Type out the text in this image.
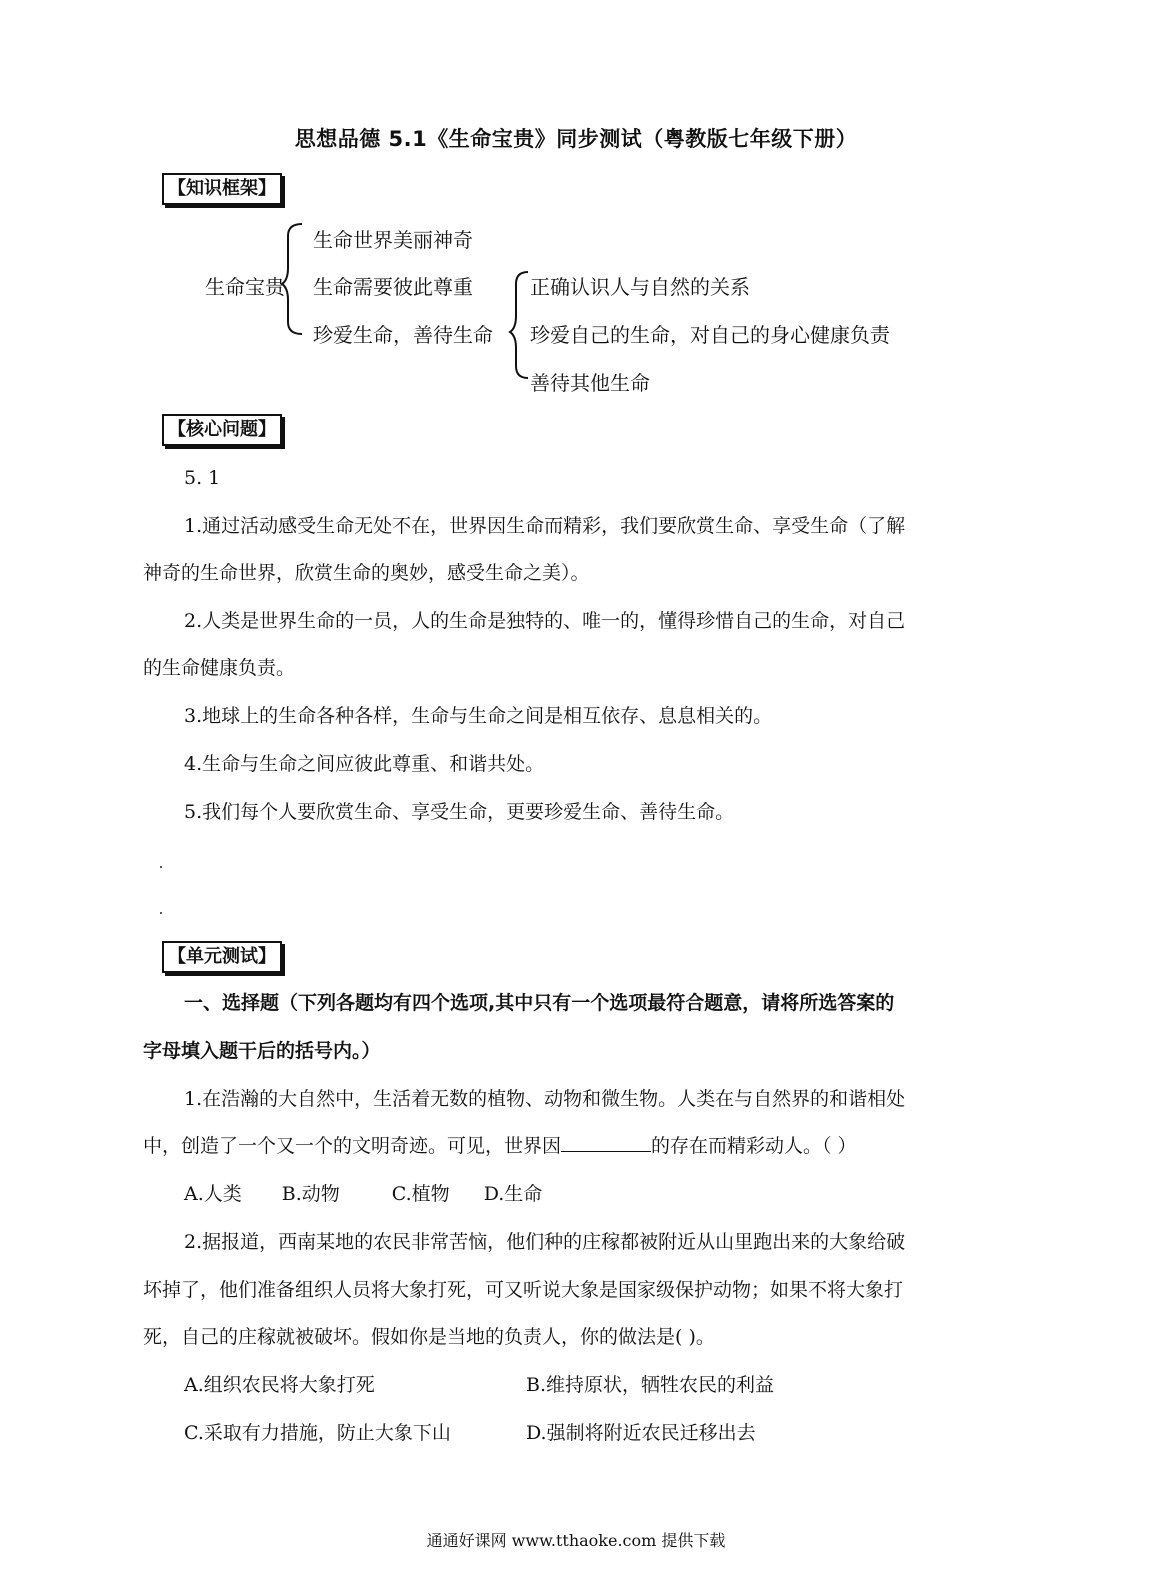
思想品德 5.1《生命宝贵》同步测试（粤教版七年级下册）
【知识框架】
生命宝贵
生命世界美丽神奇
生命需要彼此尊重
珍爱生命，善待生命
正确认识人与自然的关系
珍爱自己的生命，对自己的身心健康负责
善待其他生命
【核心问题】
5. 1
1.通过活动感受生命无处不在，世界因生命而精彩，我们要欣赏生命、享受生命（了解
神奇的生命世界，欣赏生命的奥妙，感受生命之美）。
2.人类是世界生命的一员，人的生命是独特的、唯一的，懂得珍惜自己的生命，对自己
的生命健康负责。
3.地球上的生命各种各样，生命与生命之间是相互依存、息息相关的。
4.生命与生命之间应彼此尊重、和谐共处。
5.我们每个人要欣赏生命、享受生命，更要珍爱生命、善待生命。
【单元测试】
一、选择题（下列各题均有四个选项,其中只有一个选项最符合题意，请将所选答案的
字母填入题干后的括号内。）
1.在浩瀚的大自然中，生活着无数的植物、动物和微生物。人类在与自然界的和谐相处
中，创造了一个又一个的文明奇迹。可见，世界因	的存在而精彩动人。（ ）
A.人类 B.动物	C.植物 D.生命
2.据报道，西南某地的农民非常苦恼，他们种的庄稼都被附近从山里跑出来的大象给破
坏掉了，他们准备组织人员将大象打死，可又听说大象是国家级保护动物；如果不将大象打
死，自己的庄稼就被破坏。假如你是当地的负责人，你的做法是( )。
A.组织农民将大象打死	B.维持原状，牺牲农民的利益
C.采取有力措施，防止大象下山	D.强制将附近农民迁移出去
通通好课网 www.tthaoke.com 提供下载
